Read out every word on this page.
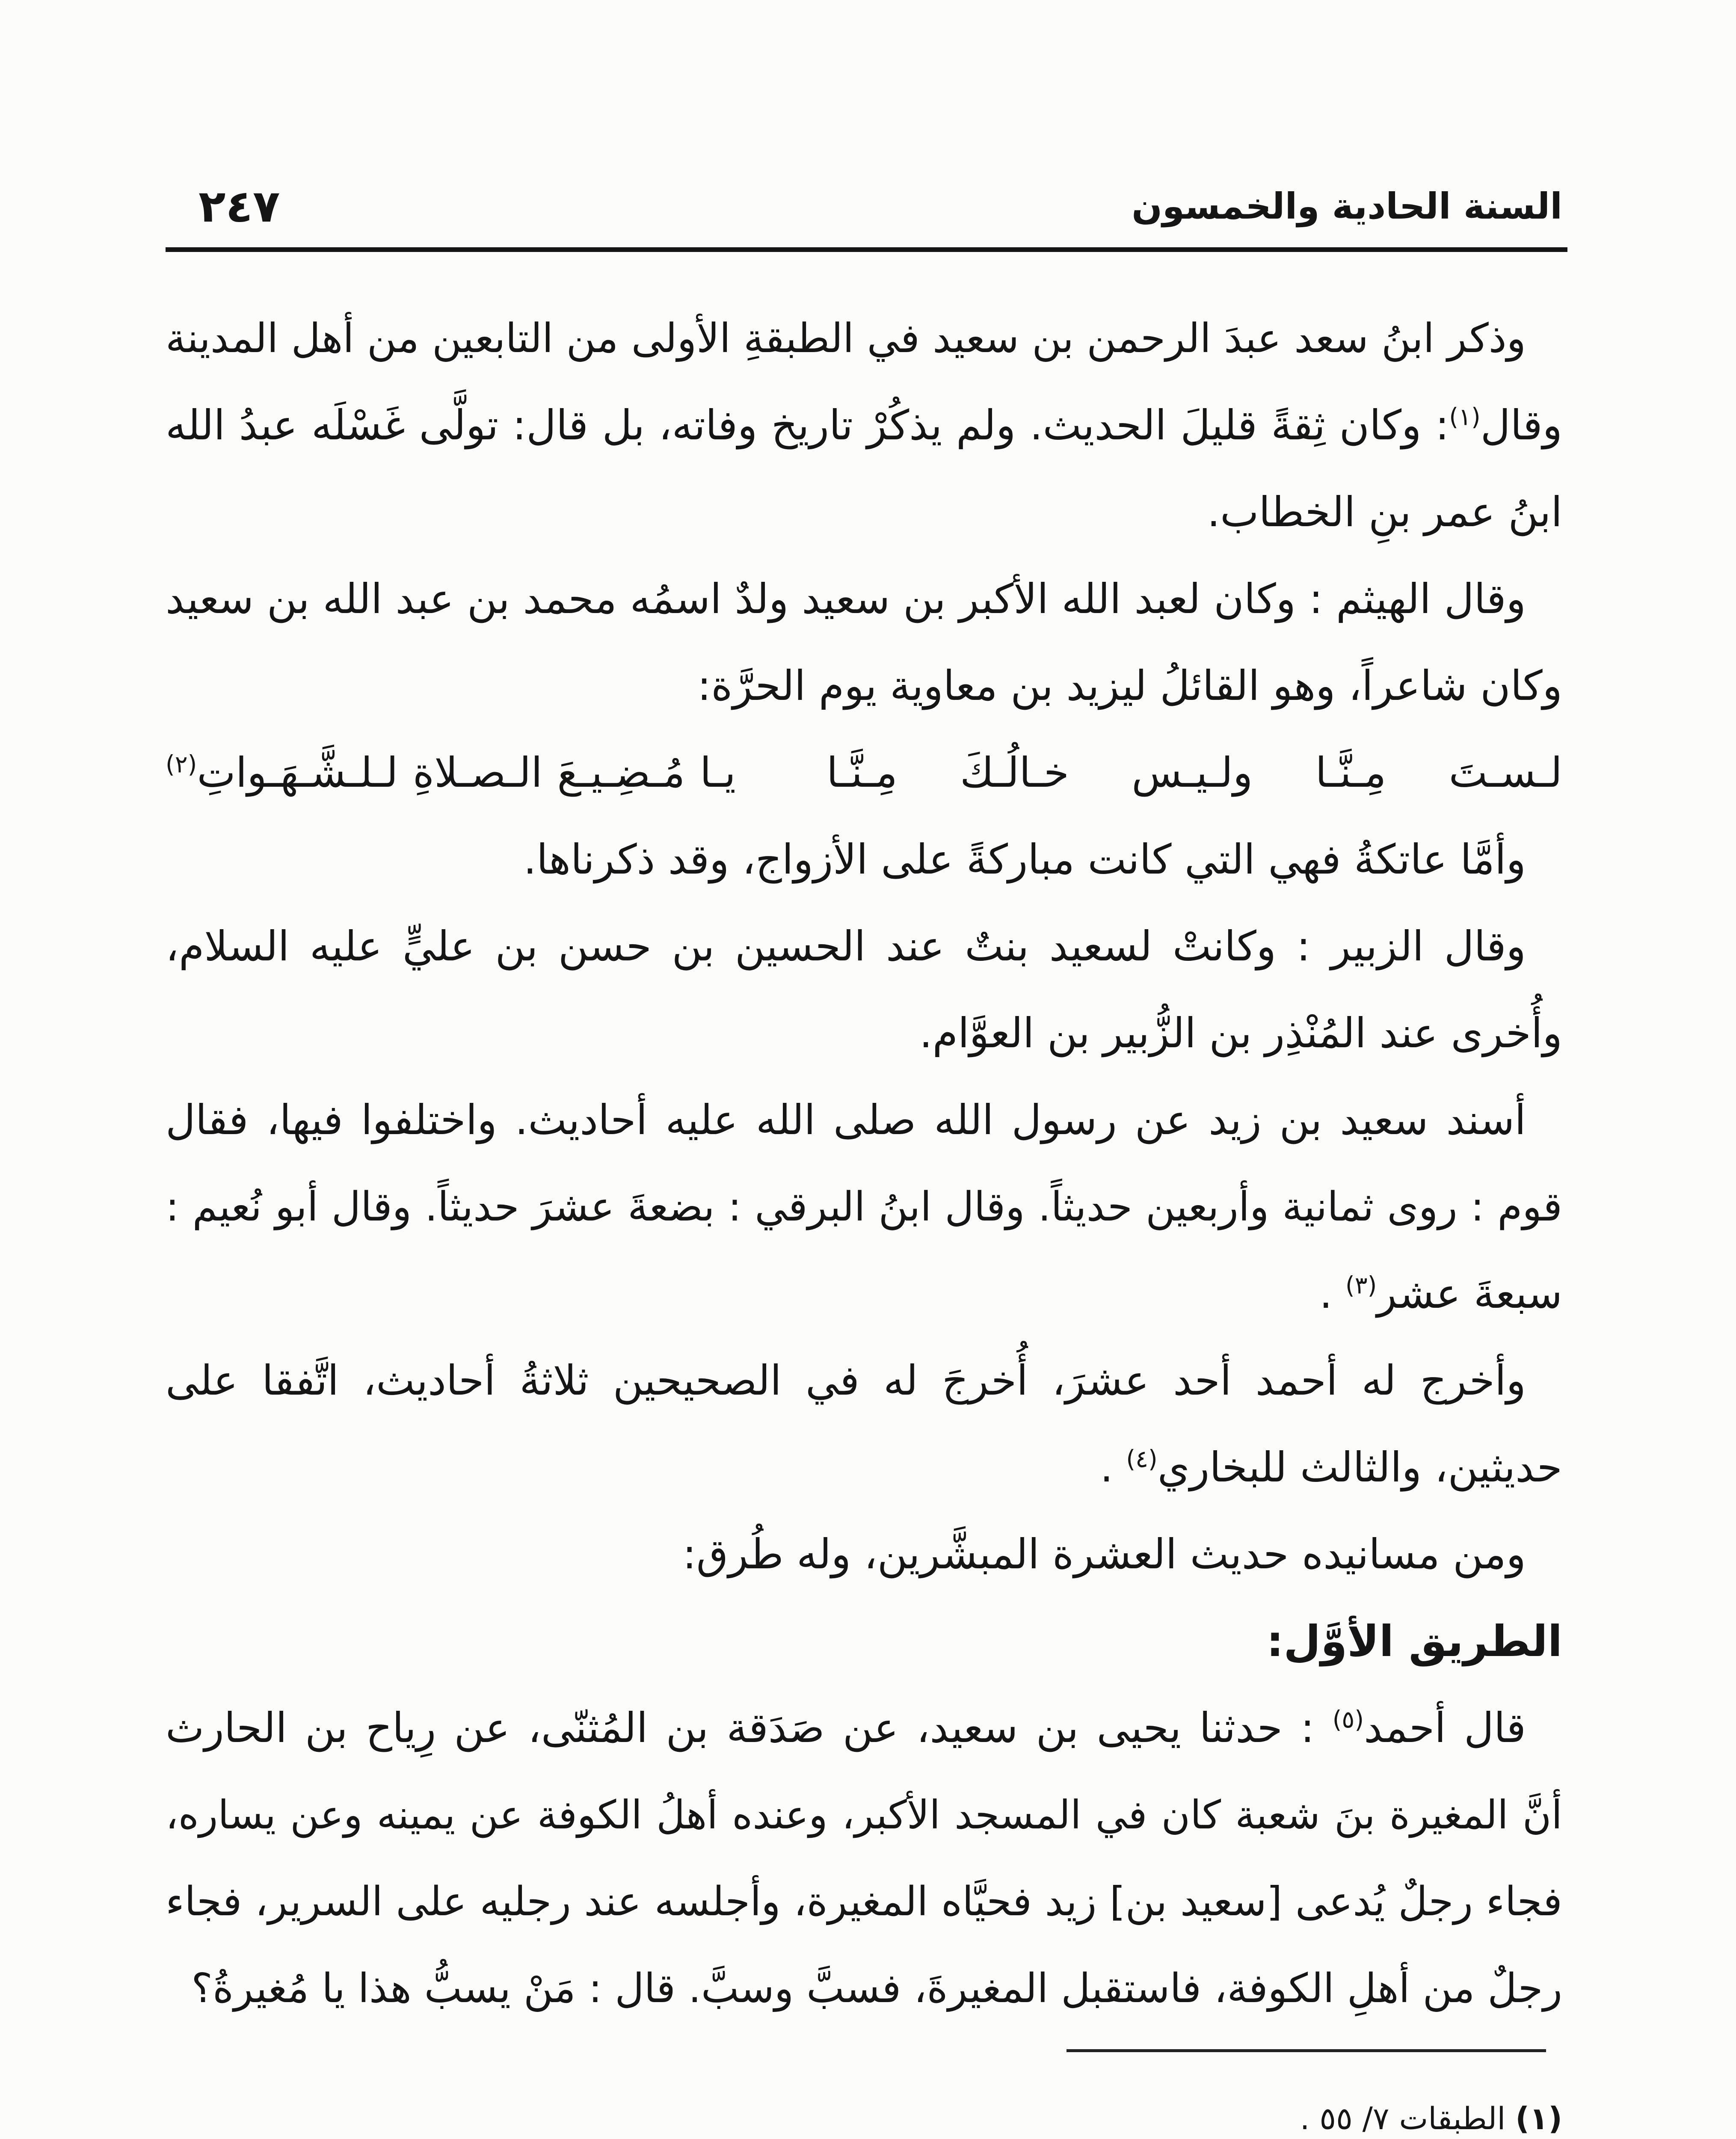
السنة الحادية والخمسون
٢٤٧
وذكر ابنُ سعد عبدَ الرحمن بن سعيد في الطبقةِ الأولى من التابعين من أهل المدينة
وقال$^{(١)}$: وكان ثِقةً قليلَ الحديث. ولم يذكُرْ تاريخ وفاته، بل قال: تولَّى غَسْلَه عبدُ الله
ابنُ عمر بنِ الخطاب.
وقال الهيثم : وكان لعبد الله الأكبر بن سعيد ولدٌ اسمُه محمد بن عبد الله بن سعيد
وكان شاعراً، وهو القائلُ ليزيد بن معاوية يوم الحرَّة:
لـسـتَ مِـنَّـا ولـيـس خـالُـكَ مِـنَّـا
يـا مُـضِـيـعَ الـصـلاةِ لـلـشَّـهَـواتِ$^{(٢)}$
وأمَّا عاتكةُ فهي التي كانت مباركةً على الأزواج، وقد ذكرناها.
وقال الزبير : وكانتْ لسعيد بنتٌ عند الحسين بن حسن بن عليٍّ عليه السلام،
وأُخرى عند المُنْذِر بن الزُّبير بن العوَّام.
أسند سعيد بن زيد عن رسول الله صلى الله عليه أحاديث. واختلفوا فيها، فقال
قوم : روى ثمانية وأربعين حديثاً. وقال ابنُ البرقي : بضعةَ عشرَ حديثاً. وقال أبو نُعيم :
سبعةَ عشر$^{(٣)}$ .
وأخرج له أحمد أحد عشرَ، أُخرجَ له في الصحيحين ثلاثةُ أحاديث، اتَّفقا على
حديثين، والثالث للبخاري$^{(٤)}$ .
ومن مسانيده حديث العشرة المبشَّرين، وله طُرق:
الطريق الأوَّل:
قال أحمد$^{(٥)}$ : حدثنا يحيى بن سعيد، عن صَدَقة بن المُثنّى، عن رِياح بن الحارث
أنَّ المغيرة بنَ شعبة كان في المسجد الأكبر، وعنده أهلُ الكوفة عن يمينه وعن يساره،
فجاء رجلٌ يُدعى [سعيد بن] زيد فحيَّاه المغيرة، وأجلسه عند رجليه على السرير، فجاء
رجلٌ من أهلِ الكوفة، فاستقبل المغيرةَ، فسبَّ وسبَّ. قال : مَنْ يسبُّ هذا يا مُغيرةُ؟
(١) الطبقات ٧/ ٥٥ .
